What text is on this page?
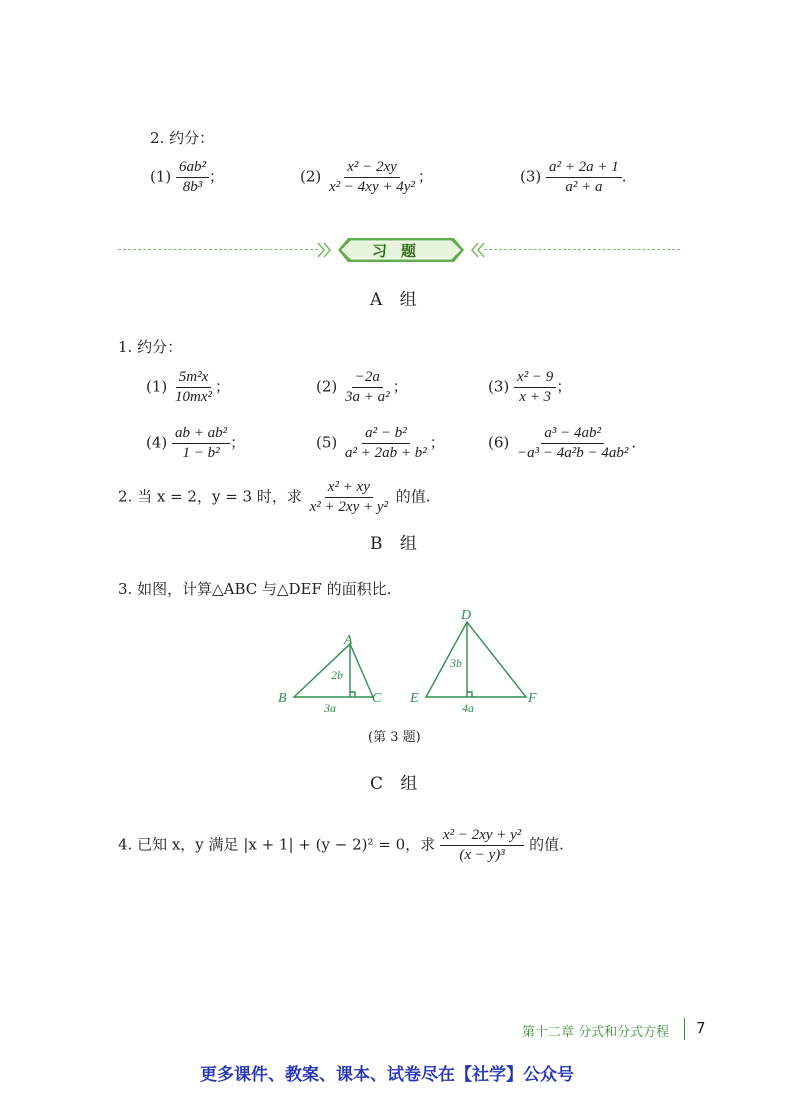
2. 约分：
$(1) \frac{\text{6ab²}}{\text{8b³}}$ ；	$(2) \frac{\text{x² − 2xy}}{\text{x² − 4xy + 4y²}}$ ；	$(3) \frac{\text{a² + 2a + 1}}{\text{a² + a}}$ .
习题
A 组
1. 约分：
$(1) \frac{\text{5m²x}}{\text{10mx²}}$ ；	$(2) \frac{-2a}{\text{3a + a²}}$ ；	$(3) \frac{\text{x² − 9}}{x + 3}$ ；
$(4) \frac{\text{ab + ab²}}{\text{1 − b²}}$ ；	$(5) \frac{\text{a² − b²}}{\text{a² + 2ab + b²}}$ ；	$(6) \frac{\text{a³ − 4ab²}}{\text{−a³ − 4a²b − 4ab²}}$ .
2. 当 x = 2，y = 3 时，求 $\frac{\text{x² + xy}}{\text{x² + 2xy + y²}}$ 的值.
B 组
3. 如图，计算△ABC 与△DEF 的面积比.
A
B	C
2b
3a
D
E	F
3b
4a
(第 3 题)
C 组
4. 已知 x，y 满足 |x + 1| + (y − 2)² = 0，求 $\frac{\text{x² − 2xy + y²}}{\text{(x − y)³}}$ 的值.
第十二章 分式和分式方程 7
更多课件、教案、课本、试卷尽在【社学】公众号
